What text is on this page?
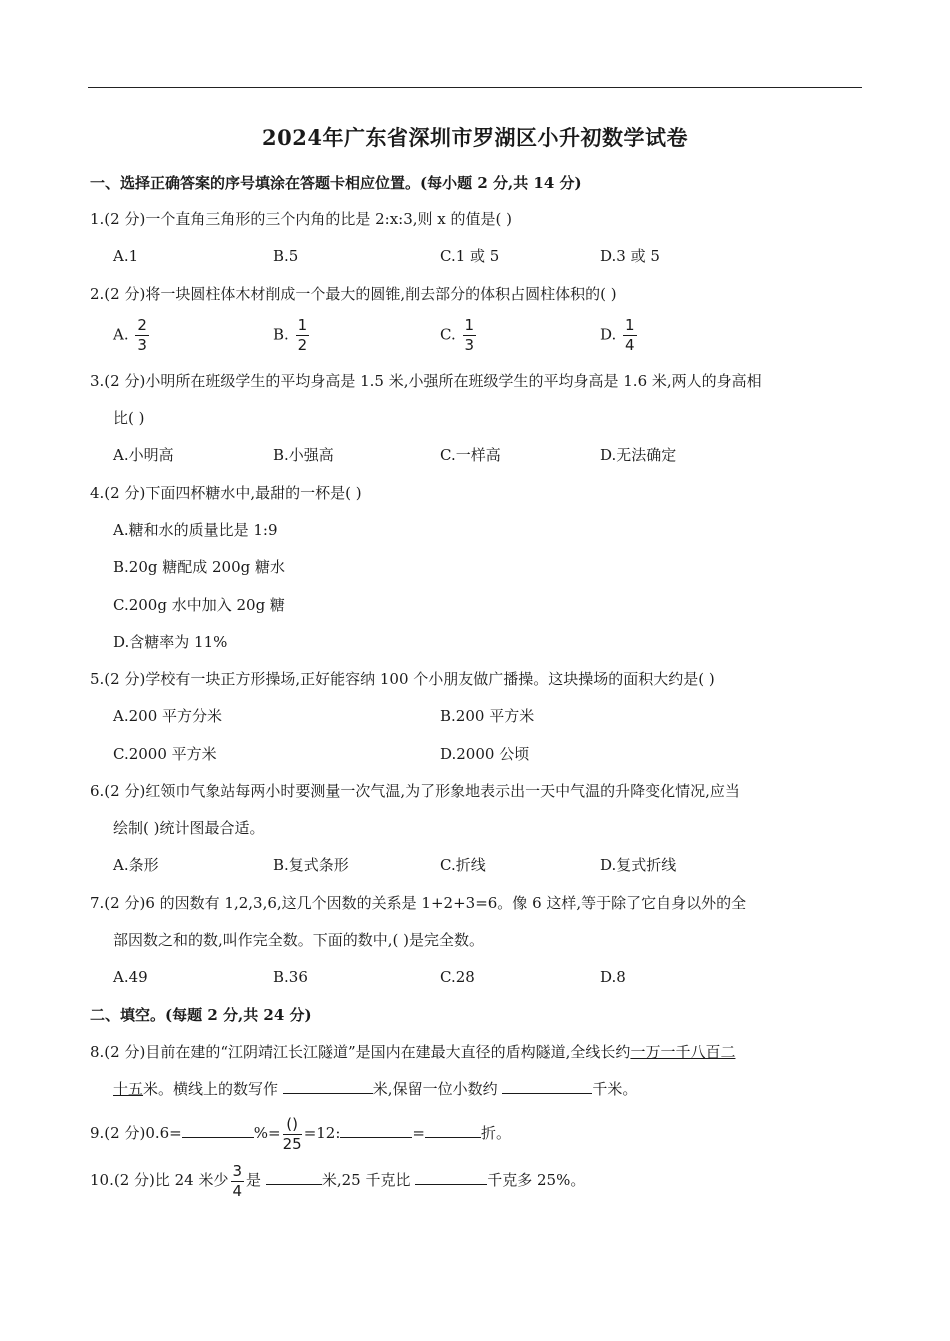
2024年广东省深圳市罗湖区小升初数学试卷
一、选择正确答案的序号填涂在答题卡相应位置。(每小题 2 分,共 14 分)
1.(2 分)一个直角三角形的三个内角的比是 2:x:3,则 x 的值是( )
A.1	B.5	C.1 或 5	D.3 或 5
2.(2 分)将一块圆柱体木材削成一个最大的圆锥,削去部分的体积占圆柱体积的( )
A. $\frac{2}{3}$	B. $\frac{1}{2}$	C. $\frac{1}{3}$	D. $\frac{1}{4}$
3.(2 分)小明所在班级学生的平均身高是 1.5 米,小强所在班级学生的平均身高是 1.6 米,两人的身高相
比( )
A.小明高	B.小强高	C.一样高	D.无法确定
4.(2 分)下面四杯糖水中,最甜的一杯是( )
A.糖和水的质量比是 1:9
B.20g 糖配成 200g 糖水
C.200g 水中加入 20g 糖
D.含糖率为 11%
5.(2 分)学校有一块正方形操场,正好能容纳 100 个小朋友做广播操。这块操场的面积大约是( )
A.200 平方分米	B.200 平方米
C.2000 平方米	D.2000 公顷
6.(2 分)红领巾气象站每两小时要测量一次气温,为了形象地表示出一天中气温的升降变化情况,应当
绘制( )统计图最合适。
A.条形	B.复式条形	C.折线	D.复式折线
7.(2 分)6 的因数有 1,2,3,6,这几个因数的关系是 1+2+3=6。像 6 这样,等于除了它自身以外的全
部因数之和的数,叫作完全数。下面的数中,( )是完全数。
A.49	B.36	C.28	D.8
二、填空。(每题 2 分,共 24 分)
8.(2 分)目前在建的“江阴靖江长江隧道”是国内在建最大直径的盾构隧道,全线长约一万一千八百二
十五米。横线上的数写作	米,保留一位小数约	千米。
9.(2 分)0.6=	%= $\frac{()}{25} =12$:	=	折。
10.(2 分)比 24 米少 $\frac{3}{4}$ 是	米,25 千克比	千克多 25%。
